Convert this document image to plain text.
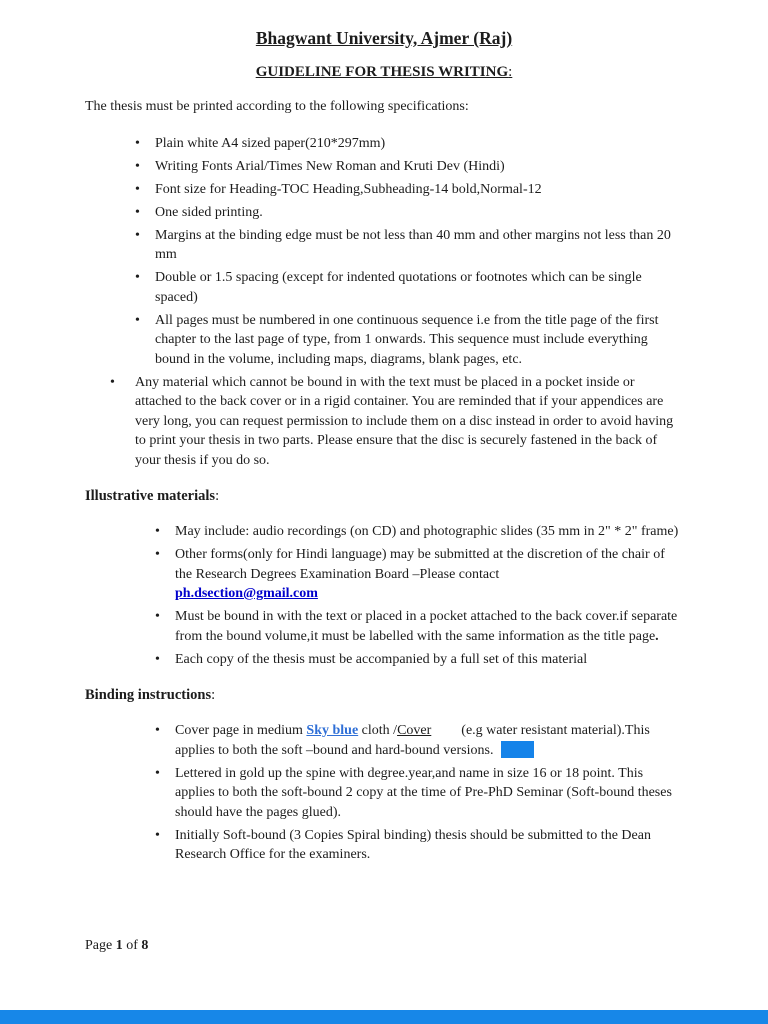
Bhagwant University, Ajmer (Raj)
GUIDELINE FOR THESIS WRITING:
The thesis must be printed according to the following specifications:
•	Plain white A4 sized paper(210*297mm)
•	Writing Fonts Arial/Times New Roman and Kruti Dev (Hindi)
•	Font size for Heading-TOC Heading,Subheading-14 bold,Normal-12
•	One sided printing.
•	Margins at the binding edge must be not less than 40 mm and other margins not less than 20 mm
•	Double or 1.5 spacing (except for indented quotations or footnotes which can be single spaced)
•	All pages must be numbered in one continuous sequence i.e from the title page of the first chapter to the last page of type, from 1 onwards. This sequence must include everything bound in the volume, including maps, diagrams, blank pages, etc.
•	Any material which cannot be bound in with the text must be placed in a pocket inside or attached to the back cover or in a rigid container. You are reminded that if your appendices are very long, you can request permission to include them on a disc instead in order to avoid having to print your thesis in two parts. Please ensure that the disc is securely fastened in the back of your thesis if you do so.
Illustrative materials:
•	May include: audio recordings (on CD) and photographic slides (35 mm in 2" * 2" frame)
•	Other forms(only for Hindi language) may be submitted at the discretion of the chair of the Research Degrees Examination Board –Please contact
ph.dsection@gmail.com
•	Must be bound in with the text or placed in a pocket attached to the back cover.if separate from the bound volume,it must be labelled with the same information as the title page.
•	Each copy of the thesis must be accompanied by a full set of this material
Binding instructions:
•	Cover page in medium Sky blue cloth /Cover (e.g water resistant material).This applies to both the soft –bound and hard-bound versions.
•	Lettered in gold up the spine with degree.year,and name in size 16 or 18 point. This applies to both the soft-bound 2 copy at the time of Pre-PhD Seminar (Soft-bound theses should have the pages glued).
•	Initially Soft-bound (3 Copies Spiral binding) thesis should be submitted to the Dean Research Office for the examiners.
Page 1 of 8
